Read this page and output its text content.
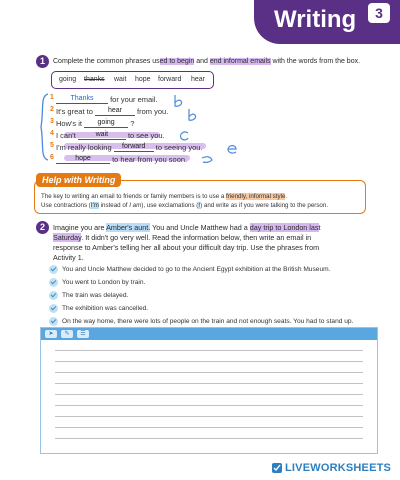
Writing	3
1	Complete the common phrases used to begin and end informal emails with the words from the box.
going thanks wait hope forward hear
1 Thanks for your email.
2 It's great to hear from you.
3 How's it going ?
4 I can't	wait to see you.
5 I'm really looking forward to seeing you.
6	hope	to hear from you soon.
Help with Writing
The key to writing an email to friends or family members is to use a friendly, informal style.
Use contractions (I'm instead of I am), use exclamations (!) and write as if you were talking to the person.
2	Imagine you are Amber's aunt. You and Uncle Matthew had a day trip to London last
Saturday. It didn't go very well. Read the information below, then write an email in
response to Amber's telling her all about your difficult day trip. Use the phrases from
Activity 1.
You and Uncle Matthew decided to go to the Ancient Egypt exhibition at the British Museum.
You went to London by train.
The train was delayed.
The exhibition was cancelled.
On the way home, there were lots of people on the train and not enough seats. You had to stand up.
➤	✎	☰
LIVEWORKSHEETS
